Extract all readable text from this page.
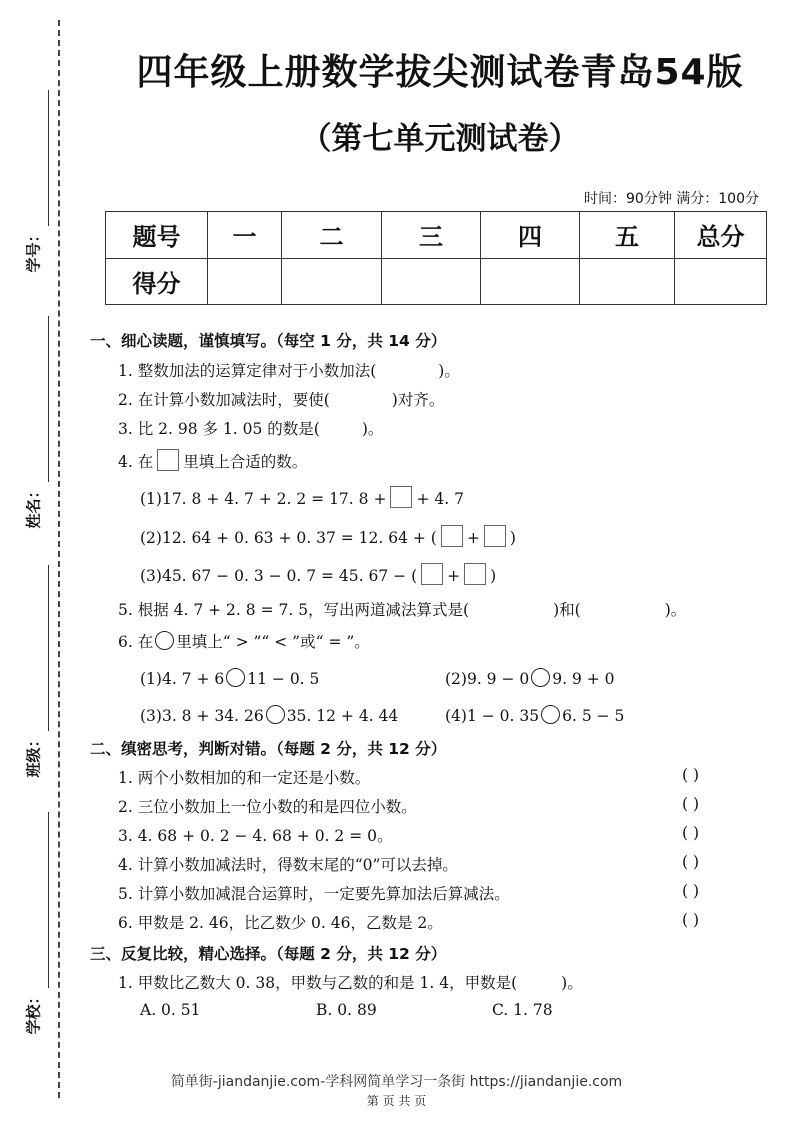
学号：
姓名：
班级：
学校：
四年级上册数学拔尖测试卷青岛54版
（第七单元测试卷）
时间：90分钟 满分：100分
题号	一	二	三	四	五	总分
得分						
一、细心读题，谨慎填写。（每空 1 分，共 14 分）
1. 整数加法的运算定律对于小数加法(	)。
2. 在计算小数加减法时，要使(	)对齐。
3. 比 2. 98 多 1. 05 的数是(	)。
4. 在 里填上合适的数。
(1)17. 8 + 4. 7 + 2. 2 = 17. 8 + + 4. 7
(2)12. 64 + 0. 63 + 0. 37 = 12. 64 + ( + )
(3)45. 67 − 0. 3 − 0. 7 = 45. 67 − ( + )
5. 根据 4. 7 + 2. 8 = 7. 5，写出两道减法算式是(	)和(	)。
6. 在 里填上“ > ”“ < ”或“ = ”。
(1)4. 7 + 6 11 − 0. 5	(2)9. 9 − 0 9. 9 + 0
(3)3. 8 + 34. 26 35. 12 + 4. 44	(4)1 − 0. 35 6. 5 − 5
二、缜密思考，判断对错。（每题 2 分，共 12 分）
1. 两个小数相加的和一定还是小数。	( )
2. 三位小数加上一位小数的和是四位小数。	( )
3. 4. 68 + 0. 2 − 4. 68 + 0. 2 = 0。	( )
4. 计算小数加减法时，得数末尾的“0”可以去掉。	( )
5. 计算小数加减混合运算时，一定要先算加法后算减法。	( )
6. 甲数是 2. 46，比乙数少 0. 46，乙数是 2。	( )
三、反复比较，精心选择。（每题 2 分，共 12 分）
1. 甲数比乙数大 0. 38，甲数与乙数的和是 1. 4，甲数是(	)。
A. 0. 51	B. 0. 89	C. 1. 78
简单街-jiandanjie.com-学科网简单学习一条街 https://jiandanjie.com
第 页 共 页
